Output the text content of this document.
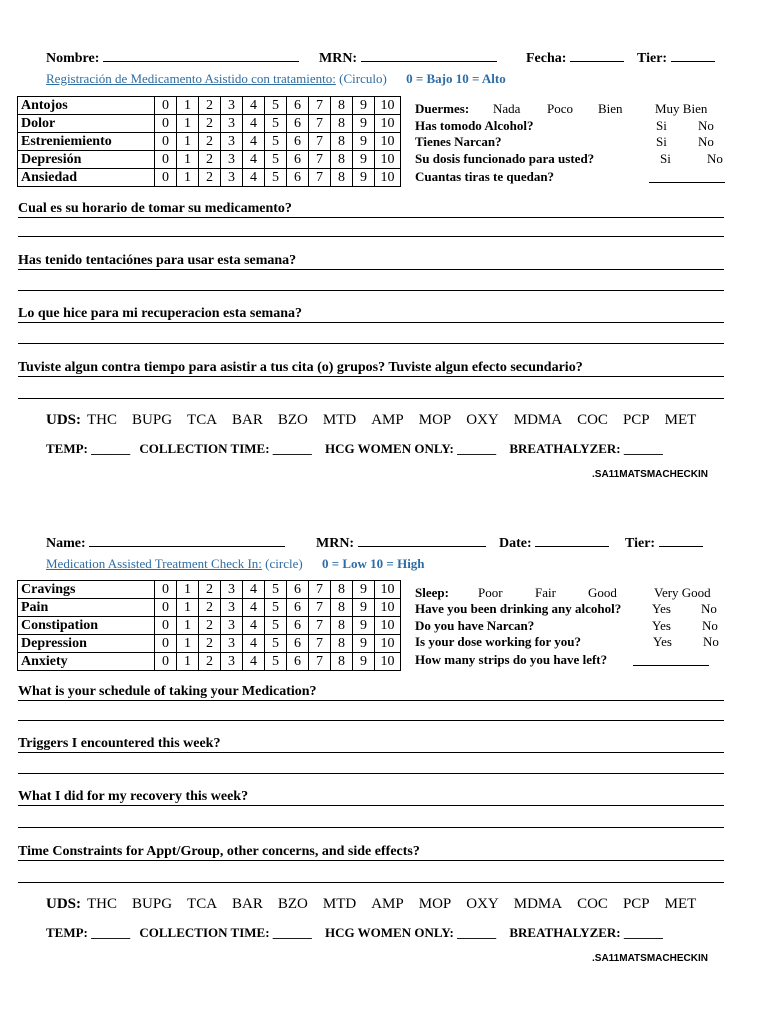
Nombre:	MRN:	Fecha:	Tier:
Registración de Medicamento Asistido con tratamiento: (Circulo) 0 = Bajo 10 = Alto
Antojos	0	1	2	3	4	5	6	7	8	9	10
Dolor	0	1	2	3	4	5	6	7	8	9	10
Estreniemiento	0	1	2	3	4	5	6	7	8	9	10
Depresión	0	1	2	3	4	5	6	7	8	9	10
Ansiedad	0	1	2	3	4	5	6	7	8	9	10
Duermes: Nada Poco Bien Muy Bien
Has tomodo Alcohol?	Si No
Tienes Narcan?	Si No
Su dosis funcionado para usted?	Si	No
Cuantas tiras te quedan?
Cual es su horario de tomar su medicamento?
Has tenido tentaciónes para usar esta semana?
Lo que hice para mi recuperacion esta semana?
Tuviste algun contra tiempo para asistir a tus cita (o) grupos? Tuviste algun efecto secundario?
UDS: THC BUPG TCA BAR BZO MTD AMP MOP OXY MDMA COC PCP MET
TEMP: ______ COLLECTION TIME: ______ HCG WOMEN ONLY: ______ BREATHALYZER: ______
.SA11MATSMACHECKIN
Name:	MRN:	Date:	Tier:
Medication Assisted Treatment Check In: (circle) 0 = Low 10 = High
Cravings	0	1	2	3	4	5	6	7	8	9	10
Pain	0	1	2	3	4	5	6	7	8	9	10
Constipation	0	1	2	3	4	5	6	7	8	9	10
Depression	0	1	2	3	4	5	6	7	8	9	10
Anxiety	0	1	2	3	4	5	6	7	8	9	10
Sleep: Poor Fair Good	Very Good
Have you been drinking any alcohol? Yes No
Do you have Narcan?	Yes No
Is your dose working for you?	Yes No
How many strips do you have left?
What is your schedule of taking your Medication?
Triggers I encountered this week?
What I did for my recovery this week?
Time Constraints for Appt/Group, other concerns, and side effects?
UDS: THC BUPG TCA BAR BZO MTD AMP MOP OXY MDMA COC PCP MET
TEMP: ______ COLLECTION TIME: ______ HCG WOMEN ONLY: ______ BREATHALYZER: ______
.SA11MATSMACHECKIN
